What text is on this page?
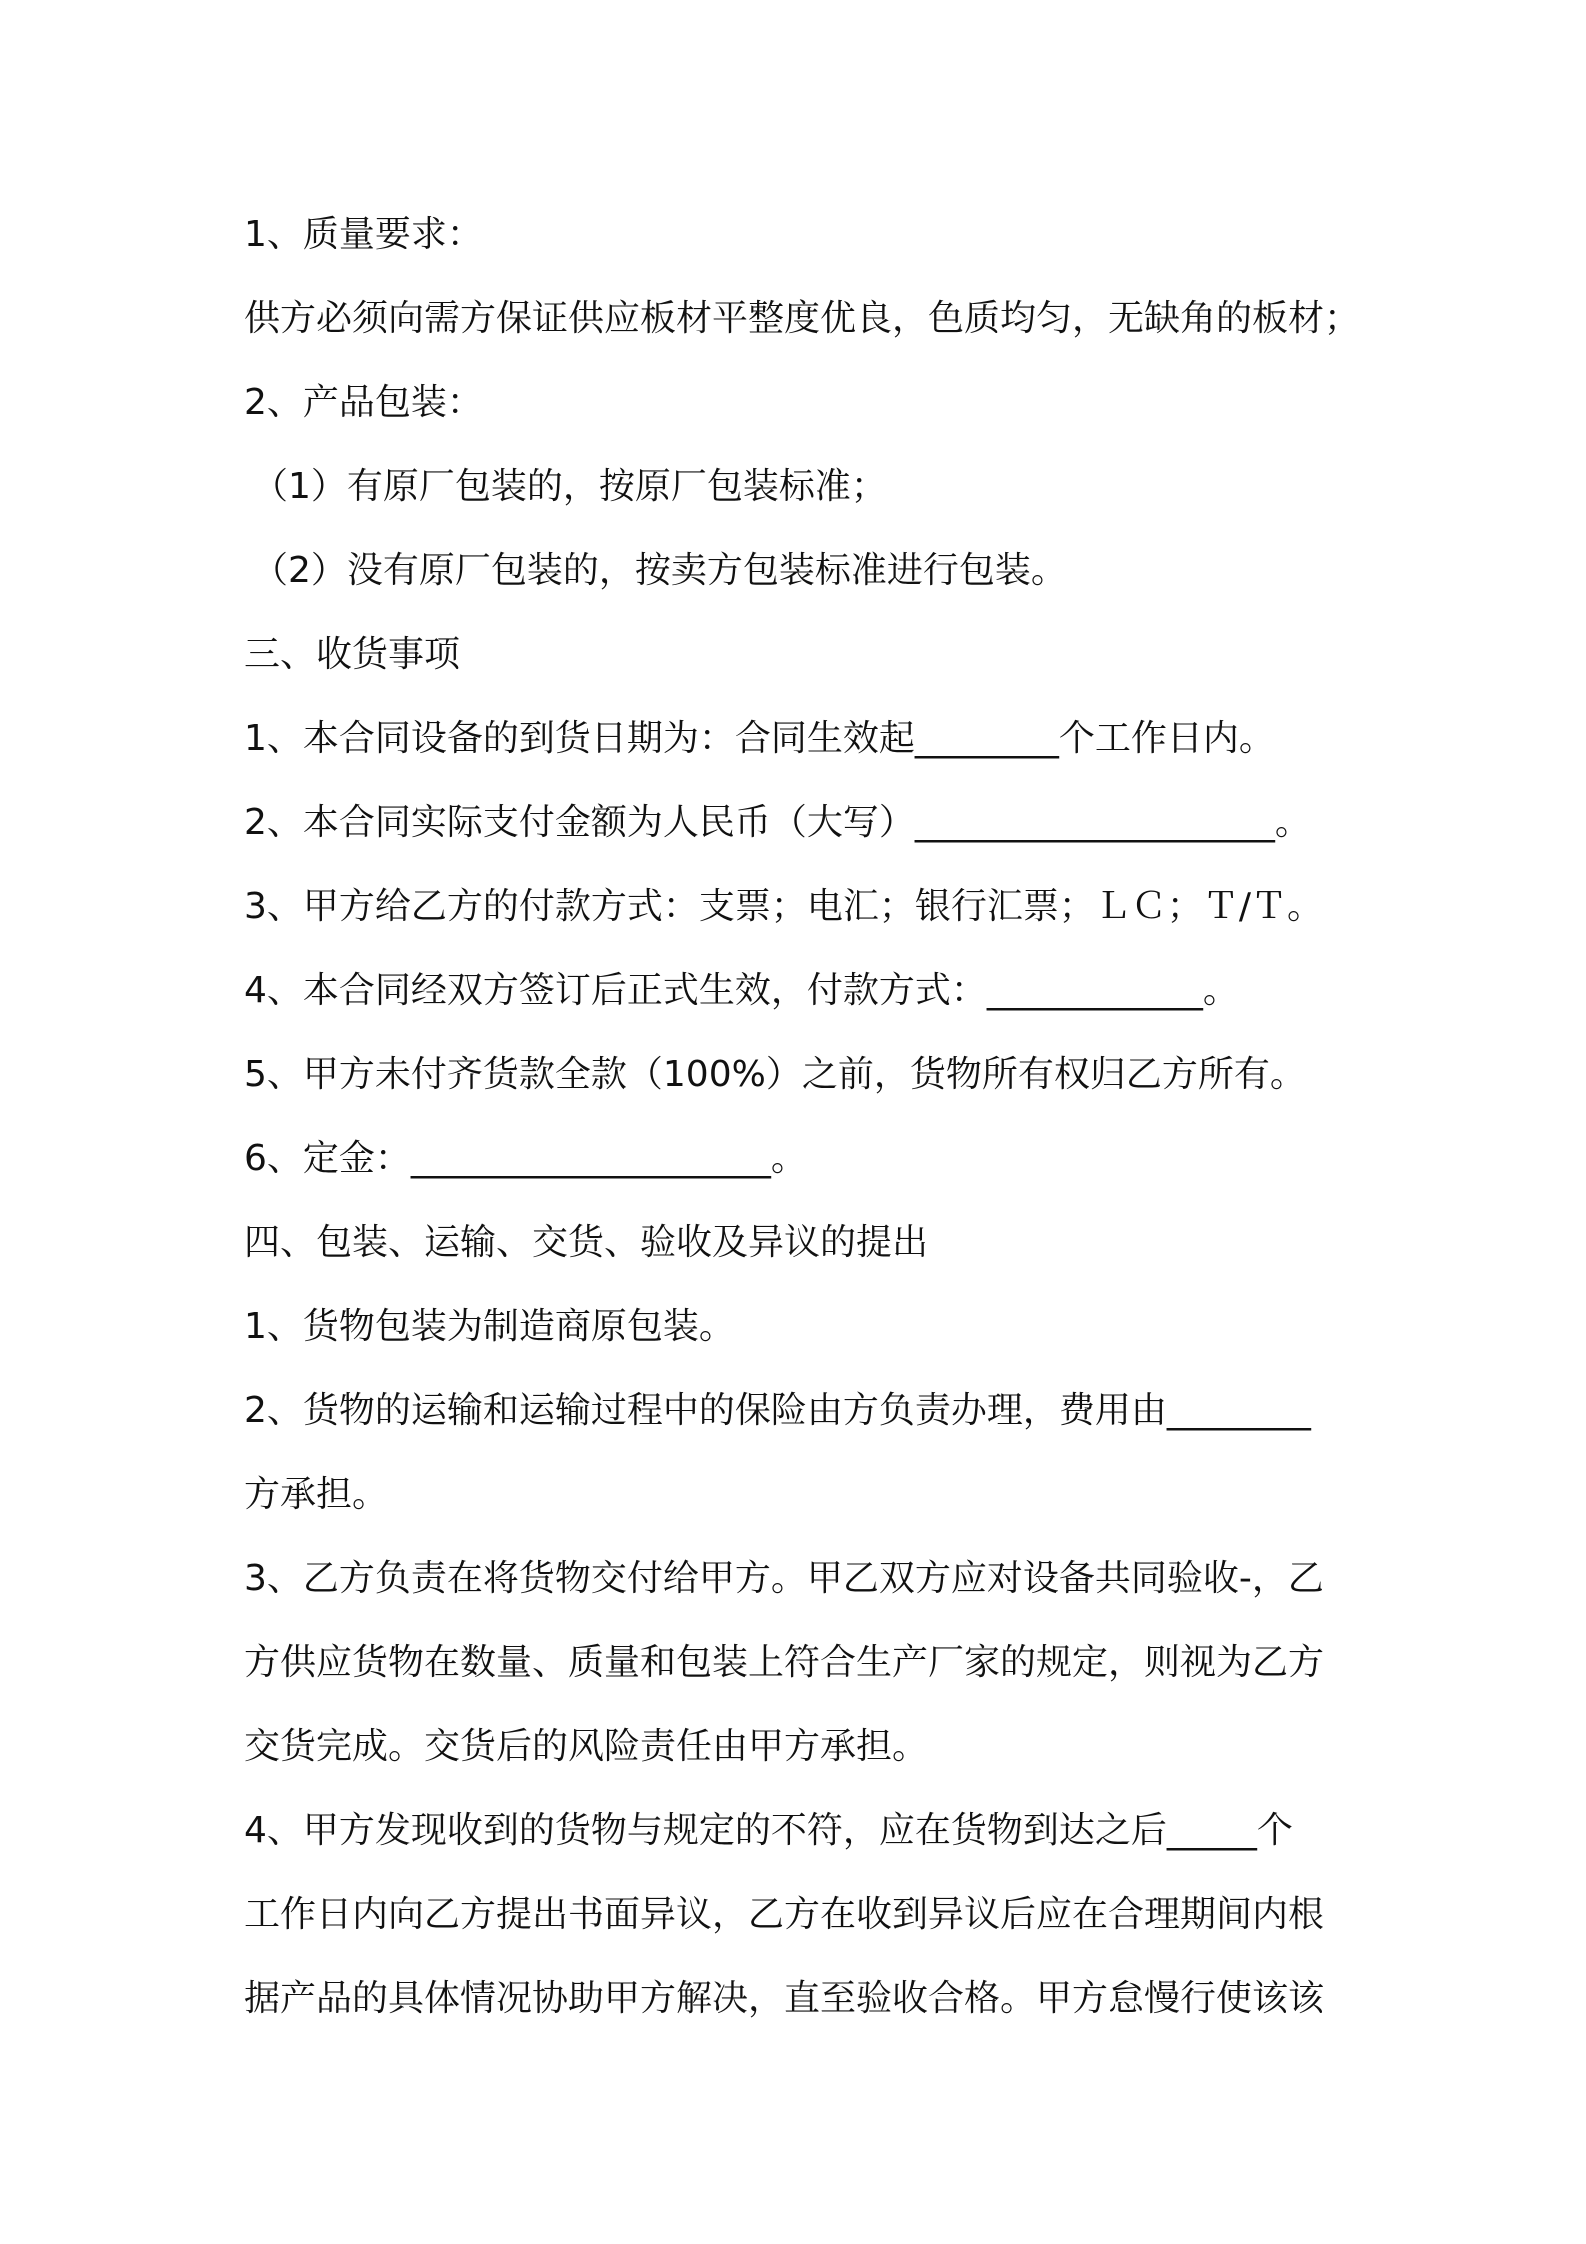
1、质量要求：
供方必须向需方保证供应板材平整度优良，色质均匀，无缺角的板材；
2、产品包装：
（1）有原厂包装的，按原厂包装标准；
（2）没有原厂包装的，按卖方包装标准进行包装。
三、收货事项
1、本合同设备的到货日期为：合同生效起________个工作日内。
2、本合同实际支付金额为人民币（大写）____________________。
3、甲方给乙方的付款方式：支票；电汇；银行汇票；ＬＣ；Ｔ/Ｔ。
4、本合同经双方签订后正式生效，付款方式：____________。
5、甲方未付齐货款全款（100%）之前，货物所有权归乙方所有。
6、定金：____________________。
四、包装、运输、交货、验收及异议的提出
1、货物包装为制造商原包装。
2、货物的运输和运输过程中的保险由方负责办理，费用由________
方承担。
3、乙方负责在将货物交付给甲方。甲乙双方应对设备共同验收-，乙
方供应货物在数量、质量和包装上符合生产厂家的规定，则视为乙方
交货完成。交货后的风险责任由甲方承担。
4、甲方发现收到的货物与规定的不符，应在货物到达之后_____个
工作日内向乙方提出书面异议，乙方在收到异议后应在合理期间内根
据产品的具体情况协助甲方解决，直至验收合格。甲方怠慢行使该该
